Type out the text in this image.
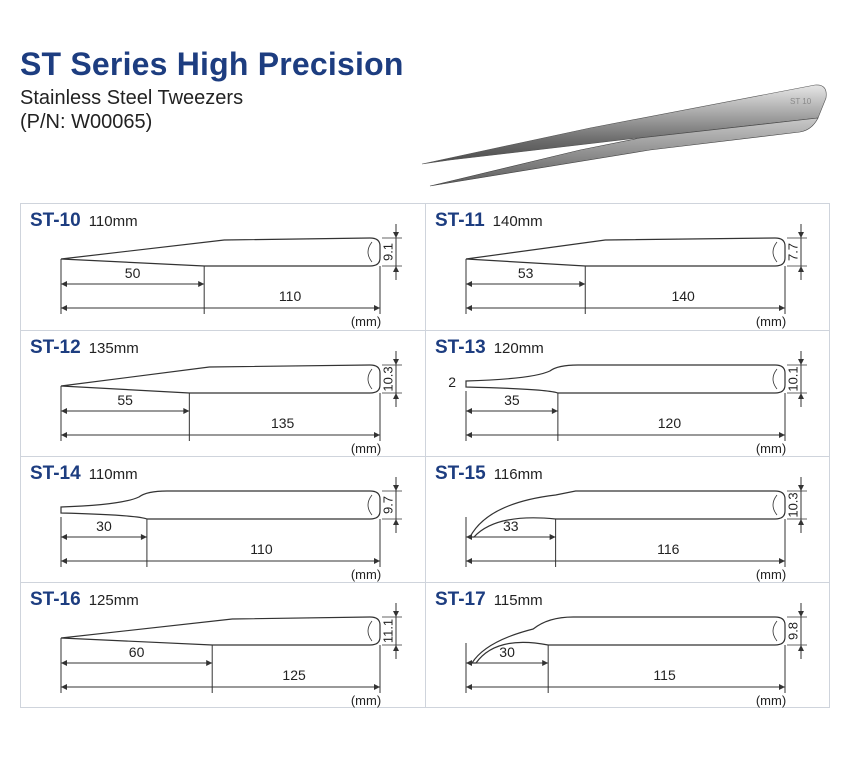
ST Series High Precision
Stainless Steel Tweezers
(P/N: W00065)
ST 10
50
110
9.1
(mm)
ST-10 110mm
53
140
7.7
(mm)
ST-11 140mm
55
135
10.3
(mm)
ST-12 135mm
35
120
10.1
2
(mm)
ST-13 120mm
30
110
9.7
(mm)
ST-14 110mm
33
116
10.3
(mm)
ST-15 116mm
60
125
11.1
(mm)
ST-16 125mm
30
115
9.8
(mm)
ST-17 115mm
